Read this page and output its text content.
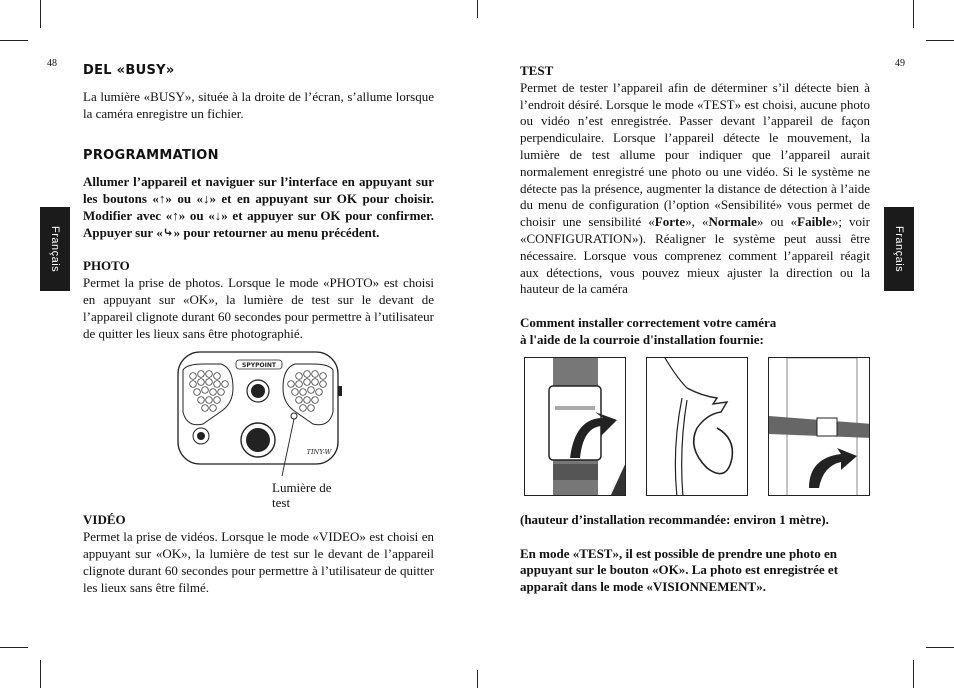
48	49
Français	Français
DEL «BUSY»

La lumière «BUSY», située à la droite de l’écran, s’allume lorsque la caméra enregistre un fichier.

PROGRAMMATION

Allumer l’appareil et naviguer sur l’interface en appuyant sur les boutons «↑» ou «↓» et en appuyant sur OK pour choisir. Modifier avec «↑» ou «↓» et appuyer sur OK pour confirmer. Appuyer sur «⤷» pour retourner au menu précédent.

PHOTO

Permet la prise de photos. Lorsque le mode «PHOTO» est choisi en appuyant sur «OK», la lumière de test sur le devant de l’appareil clignote durant 60 secondes pour permettre à l’utilisateur de quitter les lieux sans être photographié.

SPYPOINT
TINY-W
Lumière de test
VIDÉO

Permet la prise de vidéos. Lorsque le mode «VIDEO» est choisi en appuyant sur «OK», la lumière de test sur le devant de l’appareil clignote durant 60 secondes pour permettre à l’utilisateur de quitter les lieux sans être filmé.

TEST

Permet de tester l’appareil afin de déterminer s’il détecte bien à l’endroit désiré. Lorsque le mode «TEST» est choisi, aucune photo ou vidéo n’est enregistrée. Passer devant l’appareil de façon perpendiculaire. Lorsque l’appareil détecte le mouvement, la lumière de test allume pour indiquer que l’appareil aurait normalement enregistré une photo ou une vidéo. Si le système ne détecte pas la présence, augmenter la distance de détection à l’aide du menu de configuration (l’option «Sensibilité» vous permet de choisir une sensibilité «Forte», «Normale» ou «Faible»; voir «CONFIGURATION»). Réaligner le système peut aussi être nécessaire. Lorsque vous comprenez comment l’appareil réagit aux détections, vous pouvez mieux ajuster la direction ou la hauteur de la caméra

Comment installer correctement votre caméra
à l'aide de la courroie d'installation fournie:
(hauteur d’installation recommandée: environ 1 mètre).

En mode «TEST», il est possible de prendre une photo en appuyant sur le bouton «OK». La photo est enregistrée et apparaît dans le mode «VISIONNEMENT».
